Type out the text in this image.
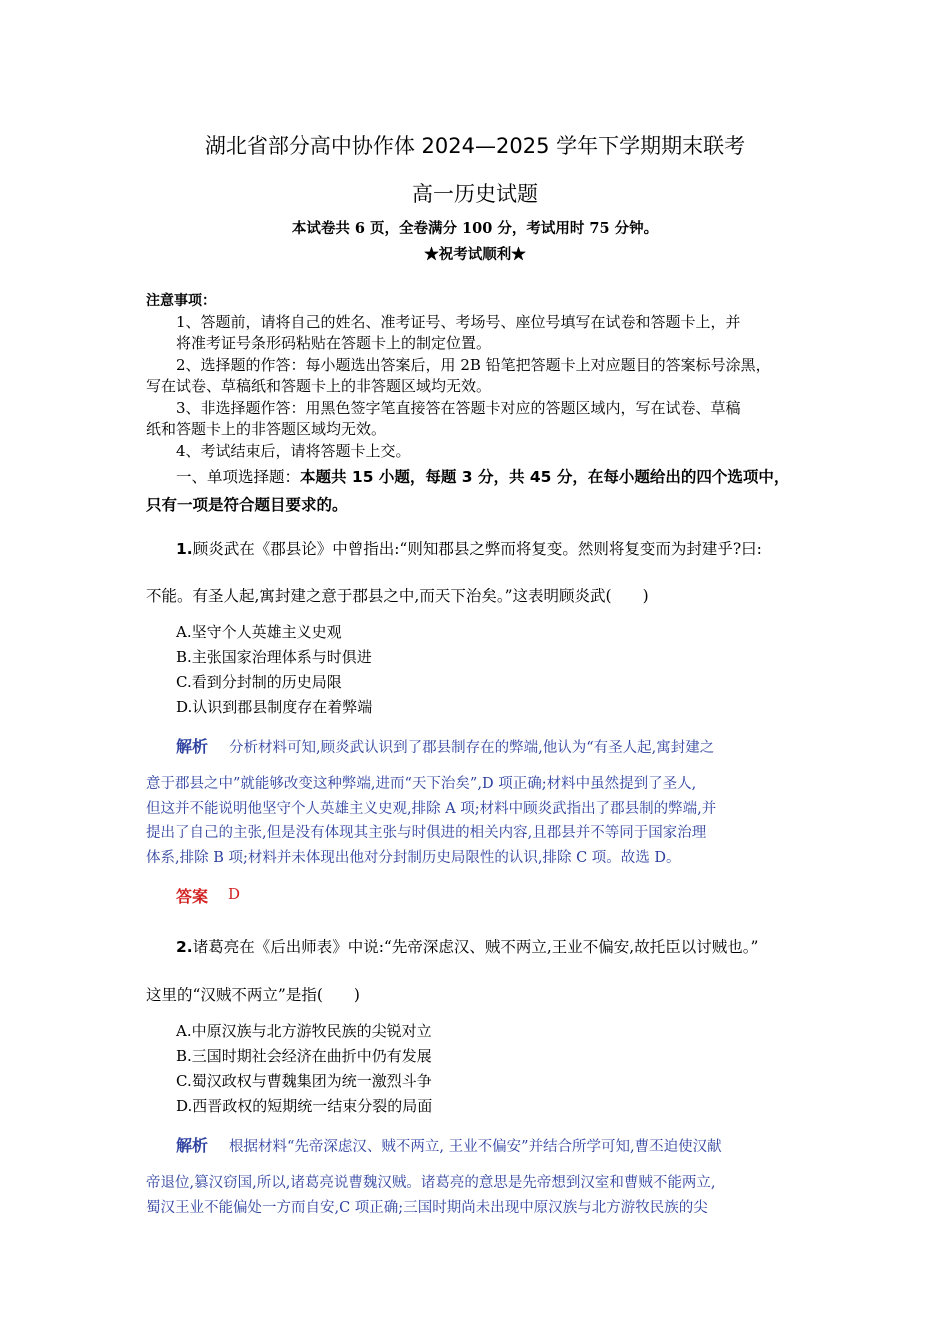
湖北省部分高中协作体 2024—2025 学年下学期期末联考
高一历史试题
本试卷共 6 页，全卷满分 100 分，考试用时 75 分钟。
★祝考试顺利★
注意事项：
1、答题前，请将自己的姓名、准考证号、考场号、座位号填写在试卷和答题卡上，并
将准考证号条形码粘贴在答题卡上的制定位置。
2、选择题的作答：每小题选出答案后，用 2B 铅笔把答题卡上对应题目的答案标号涂黑，
写在试卷、草稿纸和答题卡上的非答题区域均无效。
3、非选择题作答：用黑色签字笔直接答在答题卡对应的答题区域内，写在试卷、草稿
纸和答题卡上的非答题区域均无效。
4、考试结束后，请将答题卡上交。
一、单项选择题：本题共 15 小题，每题 3 分，共 45 分，在每小题给出的四个选项中，
只有一项是符合题目要求的。
1.顾炎武在《郡县论》中曾指出:“则知郡县之弊而将复变。然则将复变而为封建乎?曰:
不能。有圣人起,寓封建之意于郡县之中,而天下治矣。”这表明顾炎武(　　)
A.坚守个人英雄主义史观
B.主张国家治理体系与时俱进
C.看到分封制的历史局限
D.认识到郡县制度存在着弊端
解析 分析材料可知,顾炎武认识到了郡县制存在的弊端,他认为“有圣人起,寓封建之
意于郡县之中”就能够改变这种弊端,进而“天下治矣”,D 项正确;材料中虽然提到了圣人,
但这并不能说明他坚守个人英雄主义史观,排除 A 项;材料中顾炎武指出了郡县制的弊端,并
提出了自己的主张,但是没有体现其主张与时俱进的相关内容,且郡县并不等同于国家治理
体系,排除 B 项;材料并未体现出他对分封制历史局限性的认识,排除 C 项。故选 D。
答案 D
2.诸葛亮在《后出师表》中说:“先帝深虑汉、贼不两立,王业不偏安,故托臣以讨贼也。”
这里的“汉贼不两立”是指(　　)
A.中原汉族与北方游牧民族的尖锐对立
B.三国时期社会经济在曲折中仍有发展
C.蜀汉政权与曹魏集团为统一激烈斗争
D.西晋政权的短期统一结束分裂的局面
解析 根据材料“先帝深虑汉、贼不两立, 王业不偏安”并结合所学可知,曹丕迫使汉献
帝退位,篡汉窃国,所以,诸葛亮说曹魏汉贼。诸葛亮的意思是先帝想到汉室和曹贼不能两立,
蜀汉王业不能偏处一方而自安,C 项正确;三国时期尚未出现中原汉族与北方游牧民族的尖
